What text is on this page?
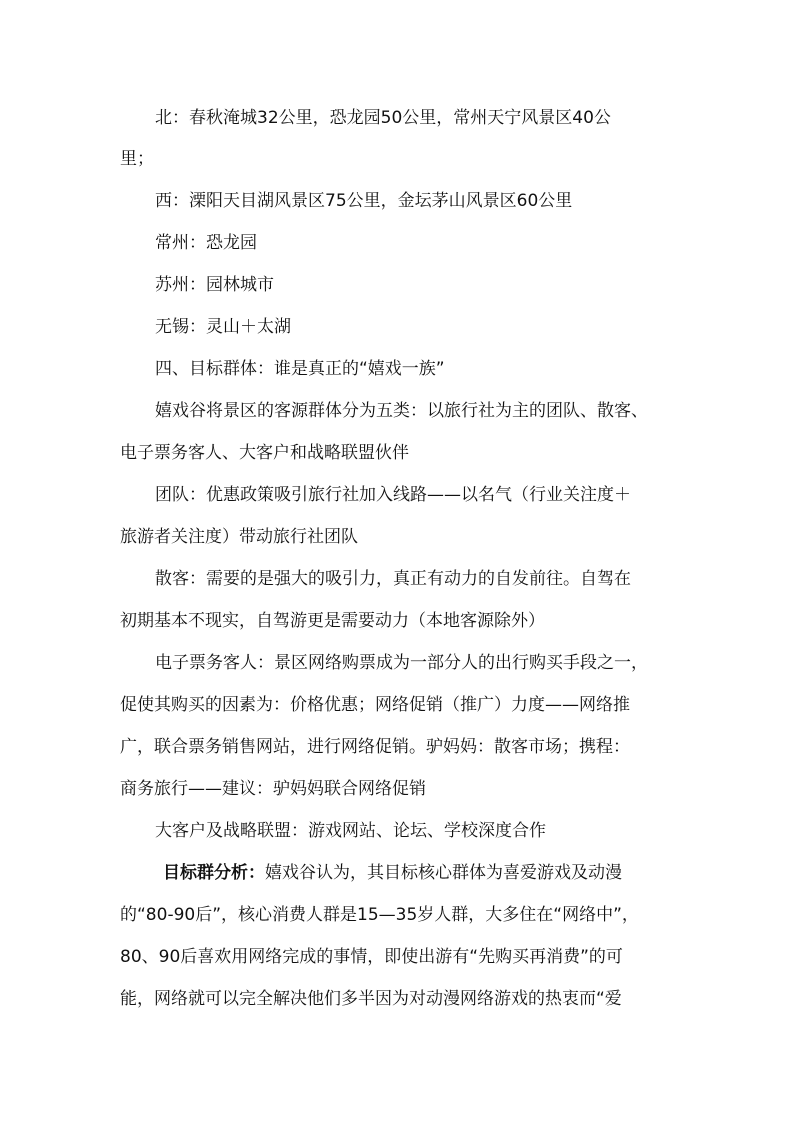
北：春秋淹城32公里，恐龙园50公里，常州天宁风景区40公
里；
西：溧阳天目湖风景区75公里，金坛茅山风景区60公里
常州：恐龙园
苏州：园林城市
无锡：灵山＋太湖
四、目标群体：谁是真正的“嬉戏一族”
嬉戏谷将景区的客源群体分为五类：以旅行社为主的团队、散客、
电子票务客人、大客户和战略联盟伙伴
团队：优惠政策吸引旅行社加入线路——以名气（行业关注度＋
旅游者关注度）带动旅行社团队
散客：需要的是强大的吸引力，真正有动力的自发前往。自驾在
初期基本不现实，自驾游更是需要动力（本地客源除外）
电子票务客人：景区网络购票成为一部分人的出行购买手段之一，
促使其购买的因素为：价格优惠；网络促销（推广）力度——网络推
广，联合票务销售网站，进行网络促销。驴妈妈：散客市场；携程：
商务旅行——建议：驴妈妈联合网络促销
大客户及战略联盟：游戏网站、论坛、学校深度合作
目标群分析：嬉戏谷认为，其目标核心群体为喜爱游戏及动漫
的“80-90后”，核心消费人群是15—35岁人群，大多住在“网络中”，
80、90后喜欢用网络完成的事情，即使出游有“先购买再消费”的可
能，网络就可以完全解决他们多半因为对动漫网络游戏的热衷而“爱
